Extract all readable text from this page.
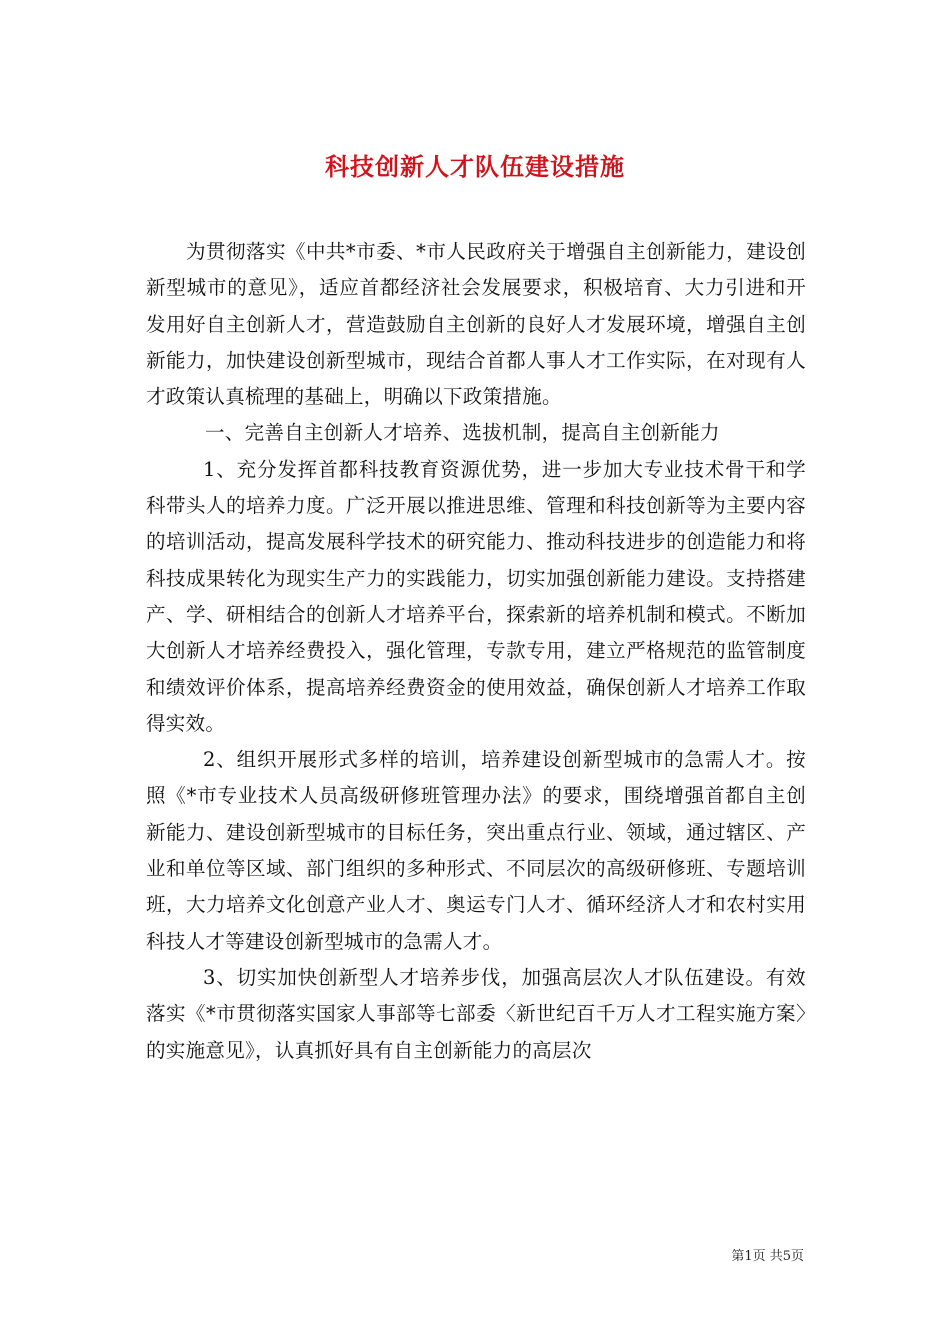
科技创新人才队伍建设措施

为贯彻落实《中共*市委、*市人民政府关于增强自主创新能力，建设创新型城市的意见》，适应首都经济社会发展要求，积极培育、大力引进和开发用好自主创新人才，营造鼓励自主创新的良好人才发展环境，增强自主创新能力，加快建设创新型城市，现结合首都人事人才工作实际，在对现有人才政策认真梳理的基础上，明确以下政策措施。

一、完善自主创新人才培养、选拔机制，提高自主创新能力

1、充分发挥首都科技教育资源优势，进一步加大专业技术骨干和学科带头人的培养力度。广泛开展以推进思维、管理和科技创新等为主要内容的培训活动，提高发展科学技术的研究能力、推动科技进步的创造能力和将科技成果转化为现实生产力的实践能力，切实加强创新能力建设。支持搭建产、学、研相结合的创新人才培养平台，探索新的培养机制和模式。不断加大创新人才培养经费投入，强化管理，专款专用，建立严格规范的监管制度和绩效评价体系，提高培养经费资金的使用效益，确保创新人才培养工作取得实效。

2、组织开展形式多样的培训，培养建设创新型城市的急需人才。按照《*市专业技术人员高级研修班管理办法》的要求，围绕增强首都自主创新能力、建设创新型城市的目标任务，突出重点行业、领域，通过辖区、产业和单位等区域、部门组织的多种形式、不同层次的高级研修班、专题培训班，大力培养文化创意产业人才、奥运专门人才、循环经济人才和农村实用科技人才等建设创新型城市的急需人才。

3、切实加快创新型人才培养步伐，加强高层次人才队伍建设。有效落实《*市贯彻落实国家人事部等七部委〈新世纪百千万人才工程实施方案〉的实施意见》，认真抓好具有自主创新能力的高层次

第1页 共5页
